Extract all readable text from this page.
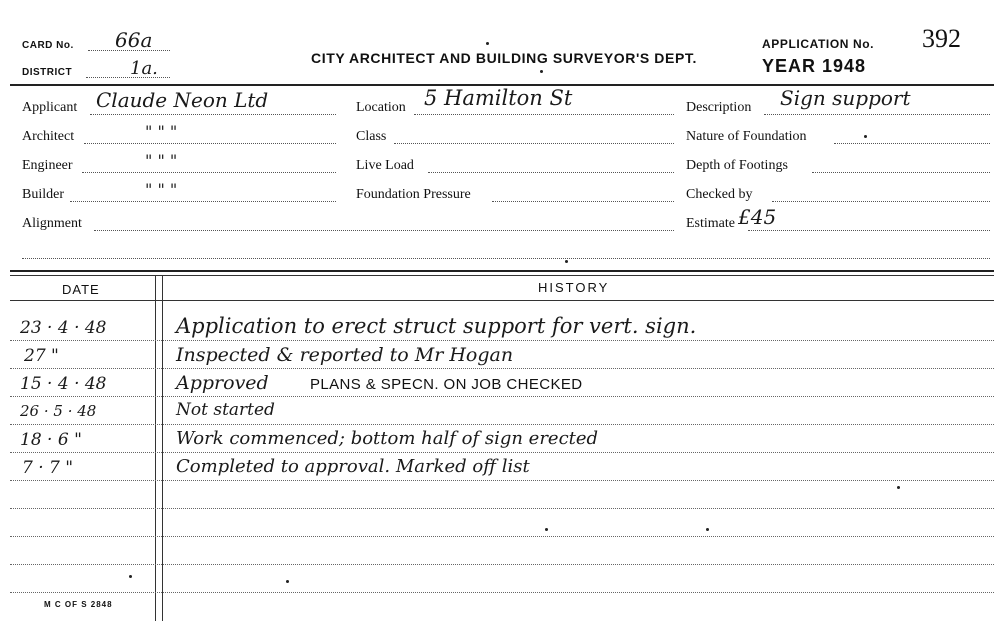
CARD No. 66a
DISTRICT	1a.	CITY ARCHITECT AND BUILDING SURVEYOR'S DEPT.
APPLICATION No. 392
YEAR 1948
Applicant Claude Neon Ltd
Architect	" " "
Engineer	" " "
Builder	" " "
Alignment
Location 5 Hamilton St
Class
Live Load
Foundation Pressure
Description Sign support
Nature of Foundation
Depth of Footings
Checked by
Estimate £45
DATE	HISTORY
23 · 4 · 48	Application to erect struct support for vert. sign.
27 "	Inspected & reported to Mr Hogan
15 · 4 · 48	Approved	PLANS & SPECN. ON JOB CHECKED
26 · 5 · 48	Not started
18 · 6 "	Work commenced; bottom half of sign erected
7 · 7 "	Completed to approval. Marked off list
M C OF S 2848
